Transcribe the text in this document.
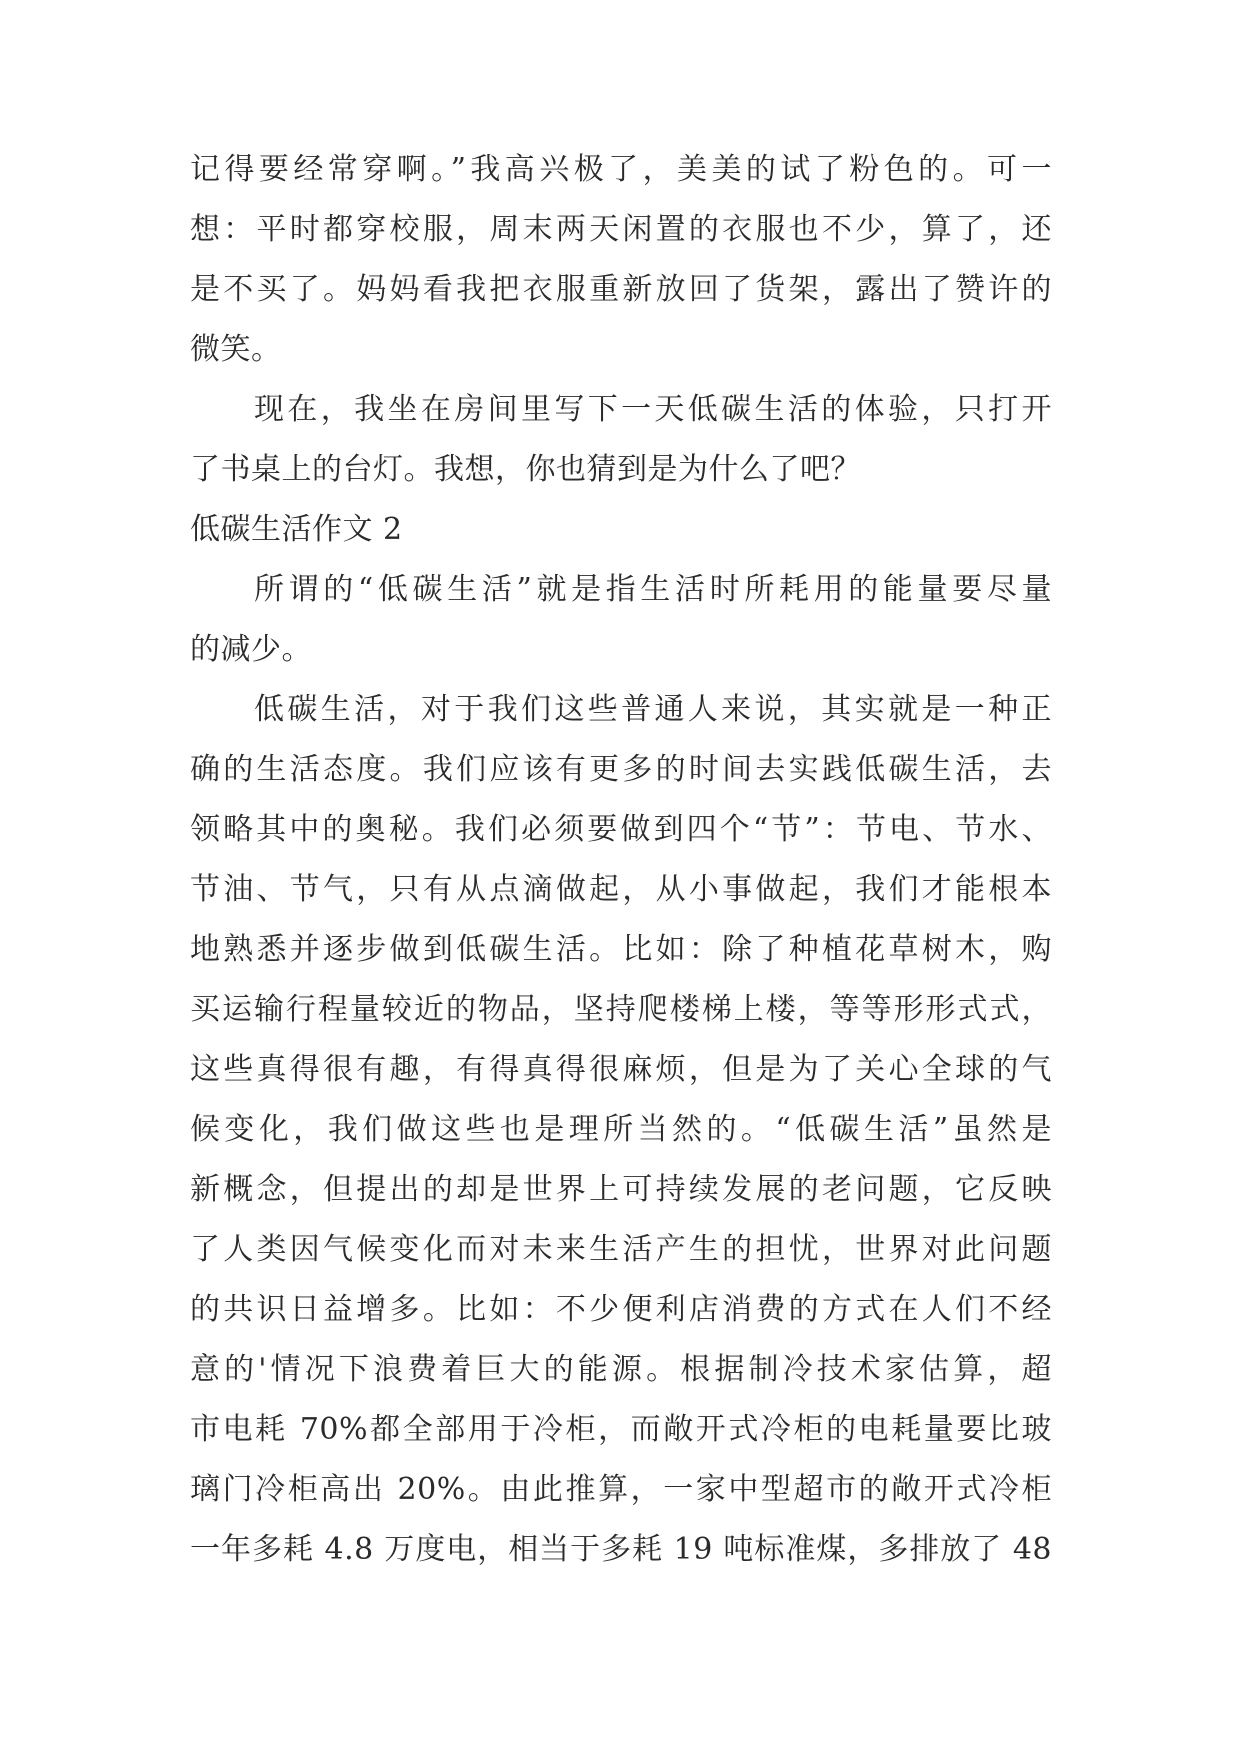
记得要经常穿啊。”我高兴极了，美美的试了粉色的。可一
想：平时都穿校服，周末两天闲置的衣服也不少，算了，还
是不买了。妈妈看我把衣服重新放回了货架，露出了赞许的
微笑。
现在，我坐在房间里写下一天低碳生活的体验，只打开
了书桌上的台灯。我想，你也猜到是为什么了吧？
低碳生活作文 2
所谓的“低碳生活”就是指生活时所耗用的能量要尽量
的减少。
低碳生活，对于我们这些普通人来说，其实就是一种正
确的生活态度。我们应该有更多的时间去实践低碳生活，去
领略其中的奥秘。我们必须要做到四个“节”：节电、节水、
节油、节气，只有从点滴做起，从小事做起，我们才能根本
地熟悉并逐步做到低碳生活。比如：除了种植花草树木，购
买运输行程量较近的物品，坚持爬楼梯上楼，等等形形式式，
这些真得很有趣，有得真得很麻烦，但是为了关心全球的气
候变化，我们做这些也是理所当然的。“低碳生活”虽然是
新概念，但提出的却是世界上可持续发展的老问题，它反映
了人类因气候变化而对未来生活产生的担忧，世界对此问题
的共识日益增多。比如：不少便利店消费的方式在人们不经
意的'情况下浪费着巨大的能源。根据制冷技术家估算，超
市电耗 70%都全部用于冷柜，而敞开式冷柜的电耗量要比玻
璃门冷柜高出 20%。由此推算，一家中型超市的敞开式冷柜
一年多耗 4.8 万度电，相当于多耗 19 吨标准煤，多排放了 48
